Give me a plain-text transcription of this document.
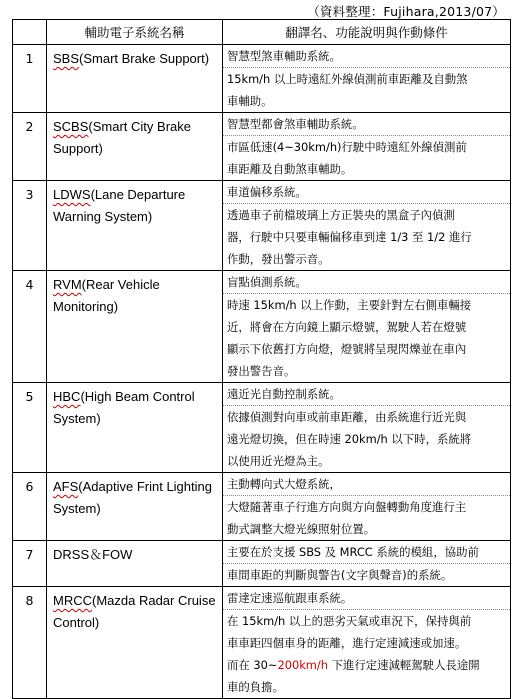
（資料整理：Fujihara,2013/07）
	輔助電子系統名稱	翻譯名、功能說明與作動條件
1	SBS(Smart Brake Support)	智慧型煞車輔助系統。
15km/h 以上時遠紅外線偵測前車距離及自動煞
車輔助。

2	SCBS(Smart City Brake Support)	智慧型都會煞車輔助系統。
市區低速(4~30km/h)行駛中時遠紅外線偵測前
車距離及自動煞車輔助。

3	LDWS(Lane Departure Warning System)	車道偏移系統。
透過車子前檔玻璃上方正裝央的黑盒子內偵測
器，行駛中只要車輛偏移車到達 1/3 至 1/2 進行
作動，發出警示音。

4	RVM(Rear Vehicle Monitoring)	盲點偵測系統。
時速 15km/h 以上作動，主要針對左右側車輛接
近，將會在方向鏡上顯示燈號，駕駛人若在燈號
顯示下依舊打方向燈，燈號將呈現閃爍並在車內
發出警告音。

5	HBC(High Beam Control System)	遠近光自動控制系統。
依據偵測對向車或前車距離，由系統進行近光與
遠光燈切換，但在時速 20km/h 以下時，系統將
以使用近光燈為主。

6	AFS(Adaptive Frint Lighting System)	主動轉向式大燈系統，
大燈隨著車子行進方向與方向盤轉動角度進行主
動式調整大燈光線照射位置。

7	DRSS＆FOW	主要在於支援 SBS 及 MRCC 系統的模組，協助前
車間車距的判斷與警告(文字與聲音)的系統。

8	MRCC(Mazda Radar Cruise Control)	雷達定速巡航跟車系統。
在 15km/h 以上的惡劣天氣或車況下，保持與前
車車距四個車身的距離，進行定速減速或加速。
而在 30~200km/h 下進行定速減輕駕駛人長途開
車的負擔。
